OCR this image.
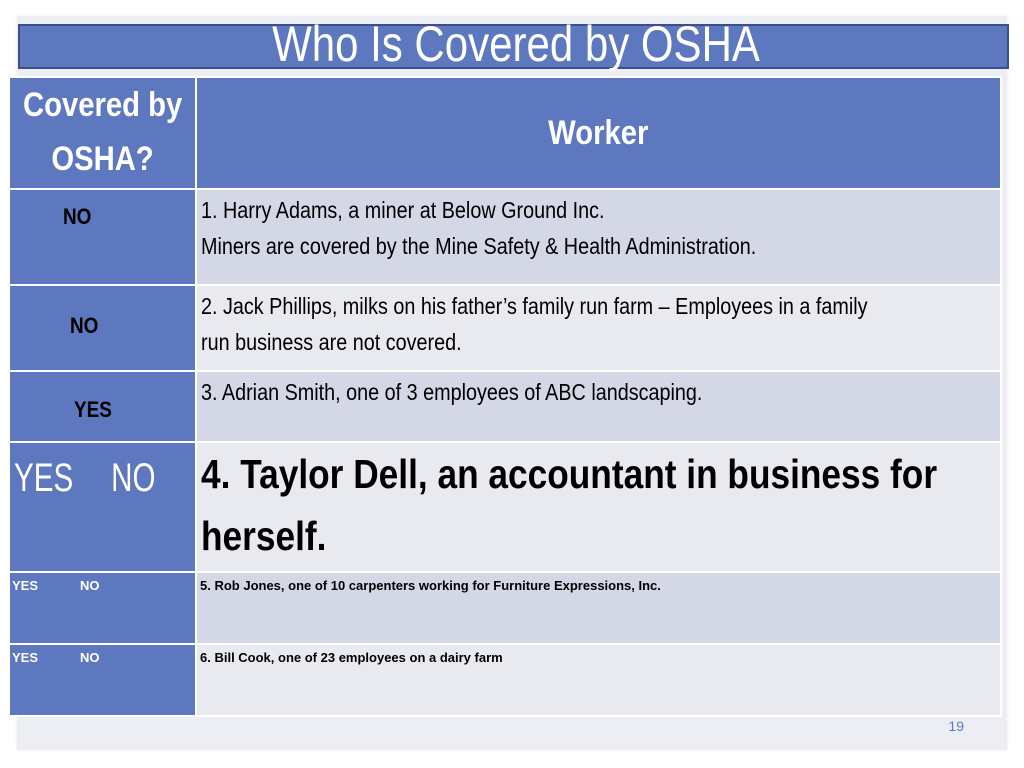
Who Is Covered by OSHA
Covered by
OSHA?	Worker
NO	1. Harry Adams, a miner at Below Ground Inc.
Miners are covered by the Mine Safety & Health Administration.

NO	2. Jack Phillips, milks on his father’s family run farm – Employees in a family
run business are not covered.

YES	3. Adrian Smith, one of 3 employees of ABC landscaping.

YES NO	4. Taylor Dell, an accountant in business for
herself.

YES NO	5. Rob Jones, one of 10 carpenters working for Furniture Expressions, Inc.
YES NO	6. Bill Cook, one of 23 employees on a dairy farm
19
